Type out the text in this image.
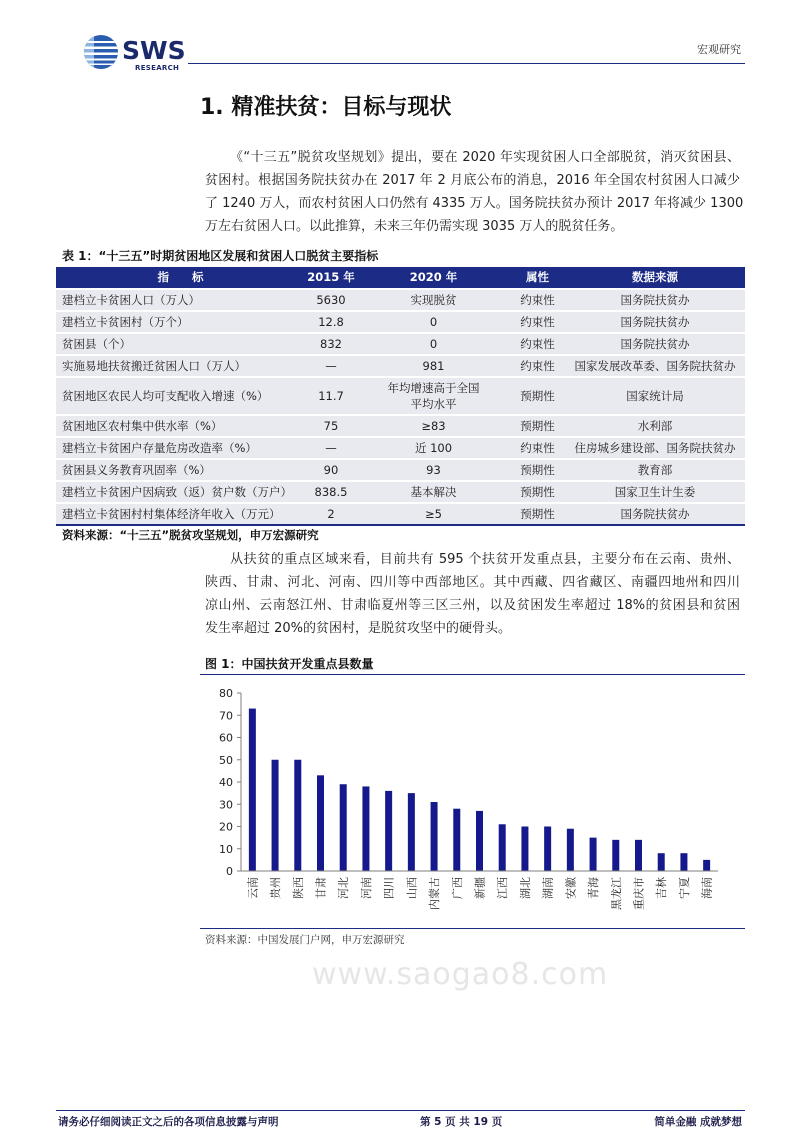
SWS
RESEARCH
宏观研究
1. 精准扶贫：目标与现状
《“十三五”脱贫攻坚规划》提出，要在 2020 年实现贫困人口全部脱贫，消灭贫困县、
贫困村。根据国务院扶贫办在 2017 年 2 月底公布的消息，2016 年全国农村贫困人口减少
了 1240 万人，而农村贫困人口仍然有 4335 万人。国务院扶贫办预计 2017 年将减少 1300
万左右贫困人口。以此推算，未来三年仍需实现 3035 万人的脱贫任务。
表 1：“十三五”时期贫困地区发展和贫困人口脱贫主要指标
指　　标	2015 年	2020 年	属性	数据来源
建档立卡贫困人口（万人）	5630	实现脱贫	约束性	国务院扶贫办
建档立卡贫困村（万个）	12.8	0	约束性	国务院扶贫办
贫困县（个）	832	0	约束性	国务院扶贫办
实施易地扶贫搬迁贫困人口（万人）	—	981	约束性	国家发展改革委、国务院扶贫办
贫困地区农民人均可支配收入增速（%）	11.7	年均增速高于全国平均水平	预期性	国家统计局
贫困地区农村集中供水率（%）	75	≥83	预期性	水利部
建档立卡贫困户存量危房改造率（%）	—	近 100	约束性	住房城乡建设部、国务院扶贫办
贫困县义务教育巩固率（%）	90	93	预期性	教育部
建档立卡贫困户因病致（返）贫户数（万户）	838.5	基本解决	预期性	国家卫生计生委
建档立卡贫困村村集体经济年收入（万元）	2	≥5	预期性	国务院扶贫办
资料来源：“十三五”脱贫攻坚规划，申万宏源研究
从扶贫的重点区域来看，目前共有 595 个扶贫开发重点县，主要分布在云南、贵州、
陕西、甘肃、河北、河南、四川等中西部地区。其中西藏、四省藏区、南疆四地州和四川
凉山州、云南怒江州、甘肃临夏州等三区三州，以及贫困发生率超过 18%的贫困县和贫困
发生率超过 20%的贫困村，是脱贫攻坚中的硬骨头。
图 1：中国扶贫开发重点县数量
0
10
20
30
40
50
60
70
80
云南 贵州 陕西 甘肃 河北 河南 四川 山西 内蒙古 广西 新疆 江西 湖北 湖南 安徽 青海 黑龙江 重庆市 吉林 宁夏 海南
资料来源：中国发展门户网，申万宏源研究
www.saogao8.com
请务必仔细阅读正文之后的各项信息披露与声明	第 5 页 共 19 页	简单金融 成就梦想
